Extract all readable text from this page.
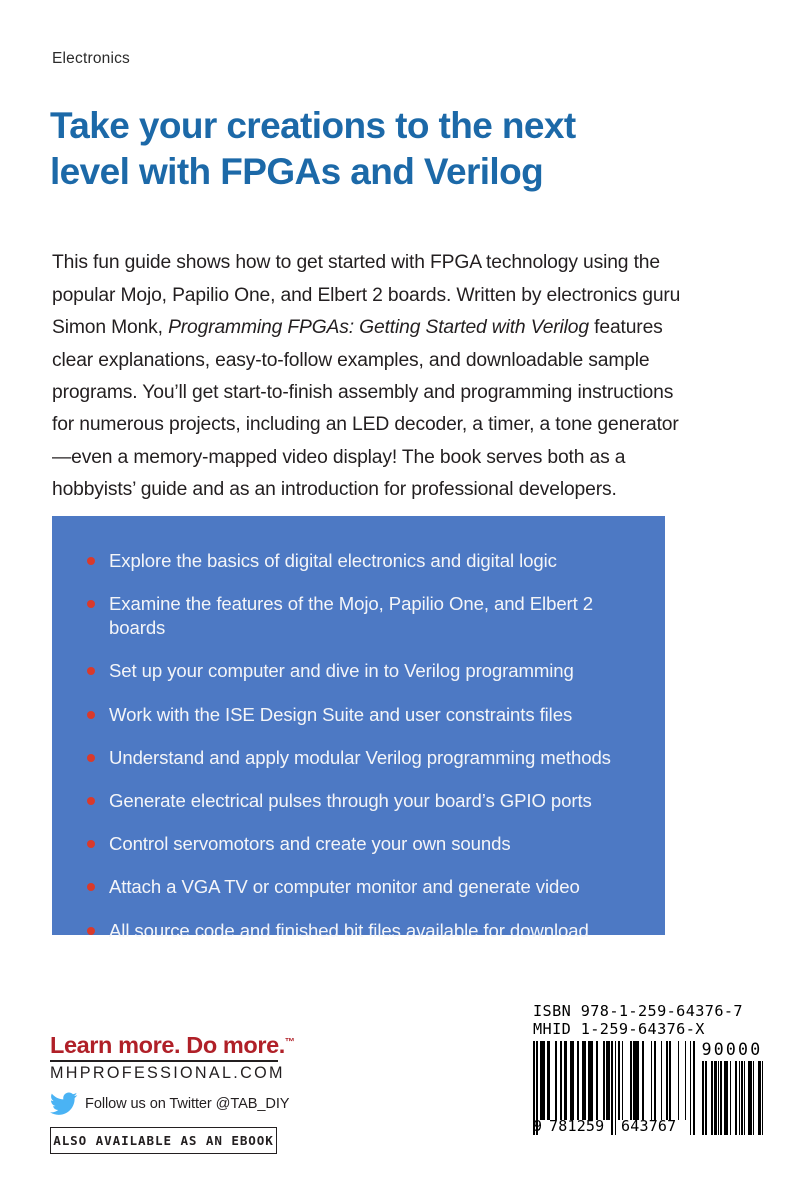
Electronics
Take your creations to the next
level with FPGAs and Verilog

This fun guide shows how to get started with FPGA technology using the popular Mojo, Papilio One, and Elbert 2 boards. Written by electronics guru Simon Monk, Programming FPGAs: Getting Started with Verilog features clear explanations, easy-to-follow examples, and downloadable sample programs. You’ll get start-to-finish assembly and programming instructions for numerous projects, including an LED decoder, a timer, a tone generator—even a memory-mapped video display! The book serves both as a hobbyists’ guide and as an introduction for professional developers.

Explore the basics of digital electronics and digital logic
Examine the features of the Mojo, Papilio One, and Elbert 2 boards
Set up your computer and dive in to Verilog programming
Work with the ISE Design Suite and user constraints files
Understand and apply modular Verilog programming methods
Generate electrical pulses through your board’s GPIO ports
Control servomotors and create your own sounds
Attach a VGA TV or computer monitor and generate video
All source code and finished bit files available for download
Learn more. Do more.™
MHPROFESSIONAL.COM
Follow us on Twitter @TAB_DIY
ALSO AVAILABLE AS AN EBOOK
ISBN 978-1-259-64376-7
MHID 1-259-64376-X
9 781259 643767
90000
